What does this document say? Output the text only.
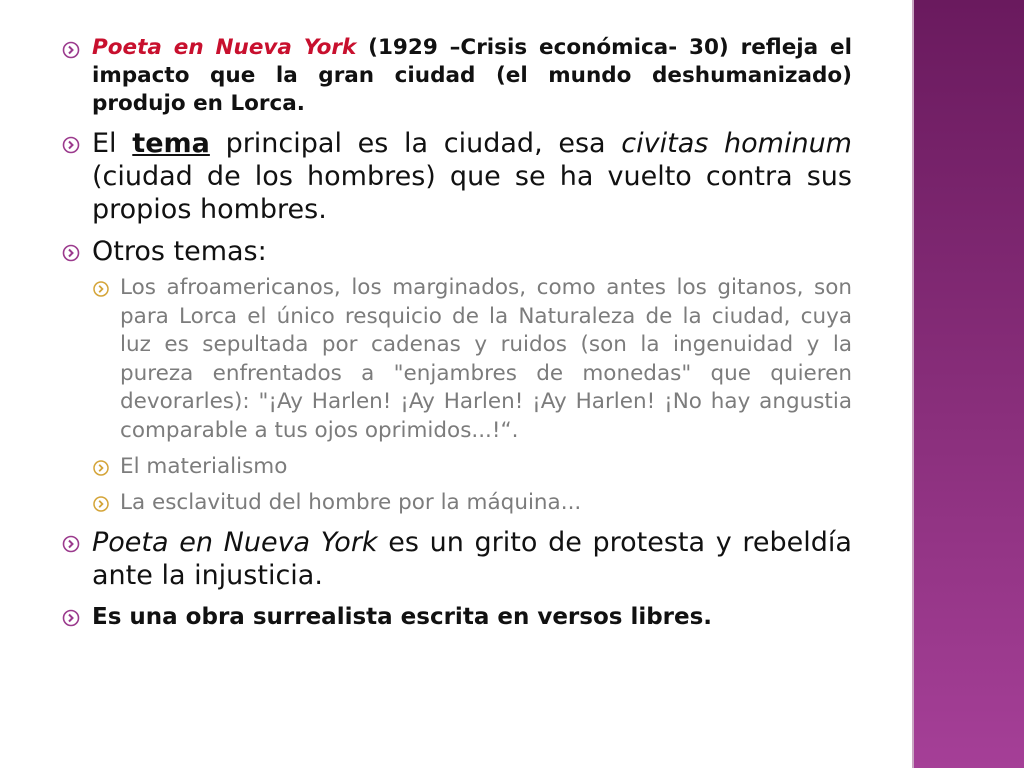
Poeta en Nueva York (1929 –Crisis económica- 30) refleja el impacto que la gran ciudad (el mundo deshumanizado) produjo en Lorca.
El tema principal es la ciudad, esa civitas hominum (ciudad de los hombres) que se ha vuelto contra sus propios hombres.
Otros temas:
Los afroamericanos, los marginados, como antes los gitanos, son para Lorca el único resquicio de la Naturaleza de la ciudad, cuya luz es sepultada por cadenas y ruidos (son la ingenuidad y la pureza enfrentados a "enjambres de monedas" que quieren devorarles): "¡Ay Harlen! ¡Ay Harlen! ¡Ay Harlen! ¡No hay angustia comparable a tus ojos oprimidos...!“.
El materialismo
La esclavitud del hombre por la máquina...
Poeta en Nueva York es un grito de protesta y rebeldía ante la injusticia.
Es una obra surrealista escrita en versos libres.
